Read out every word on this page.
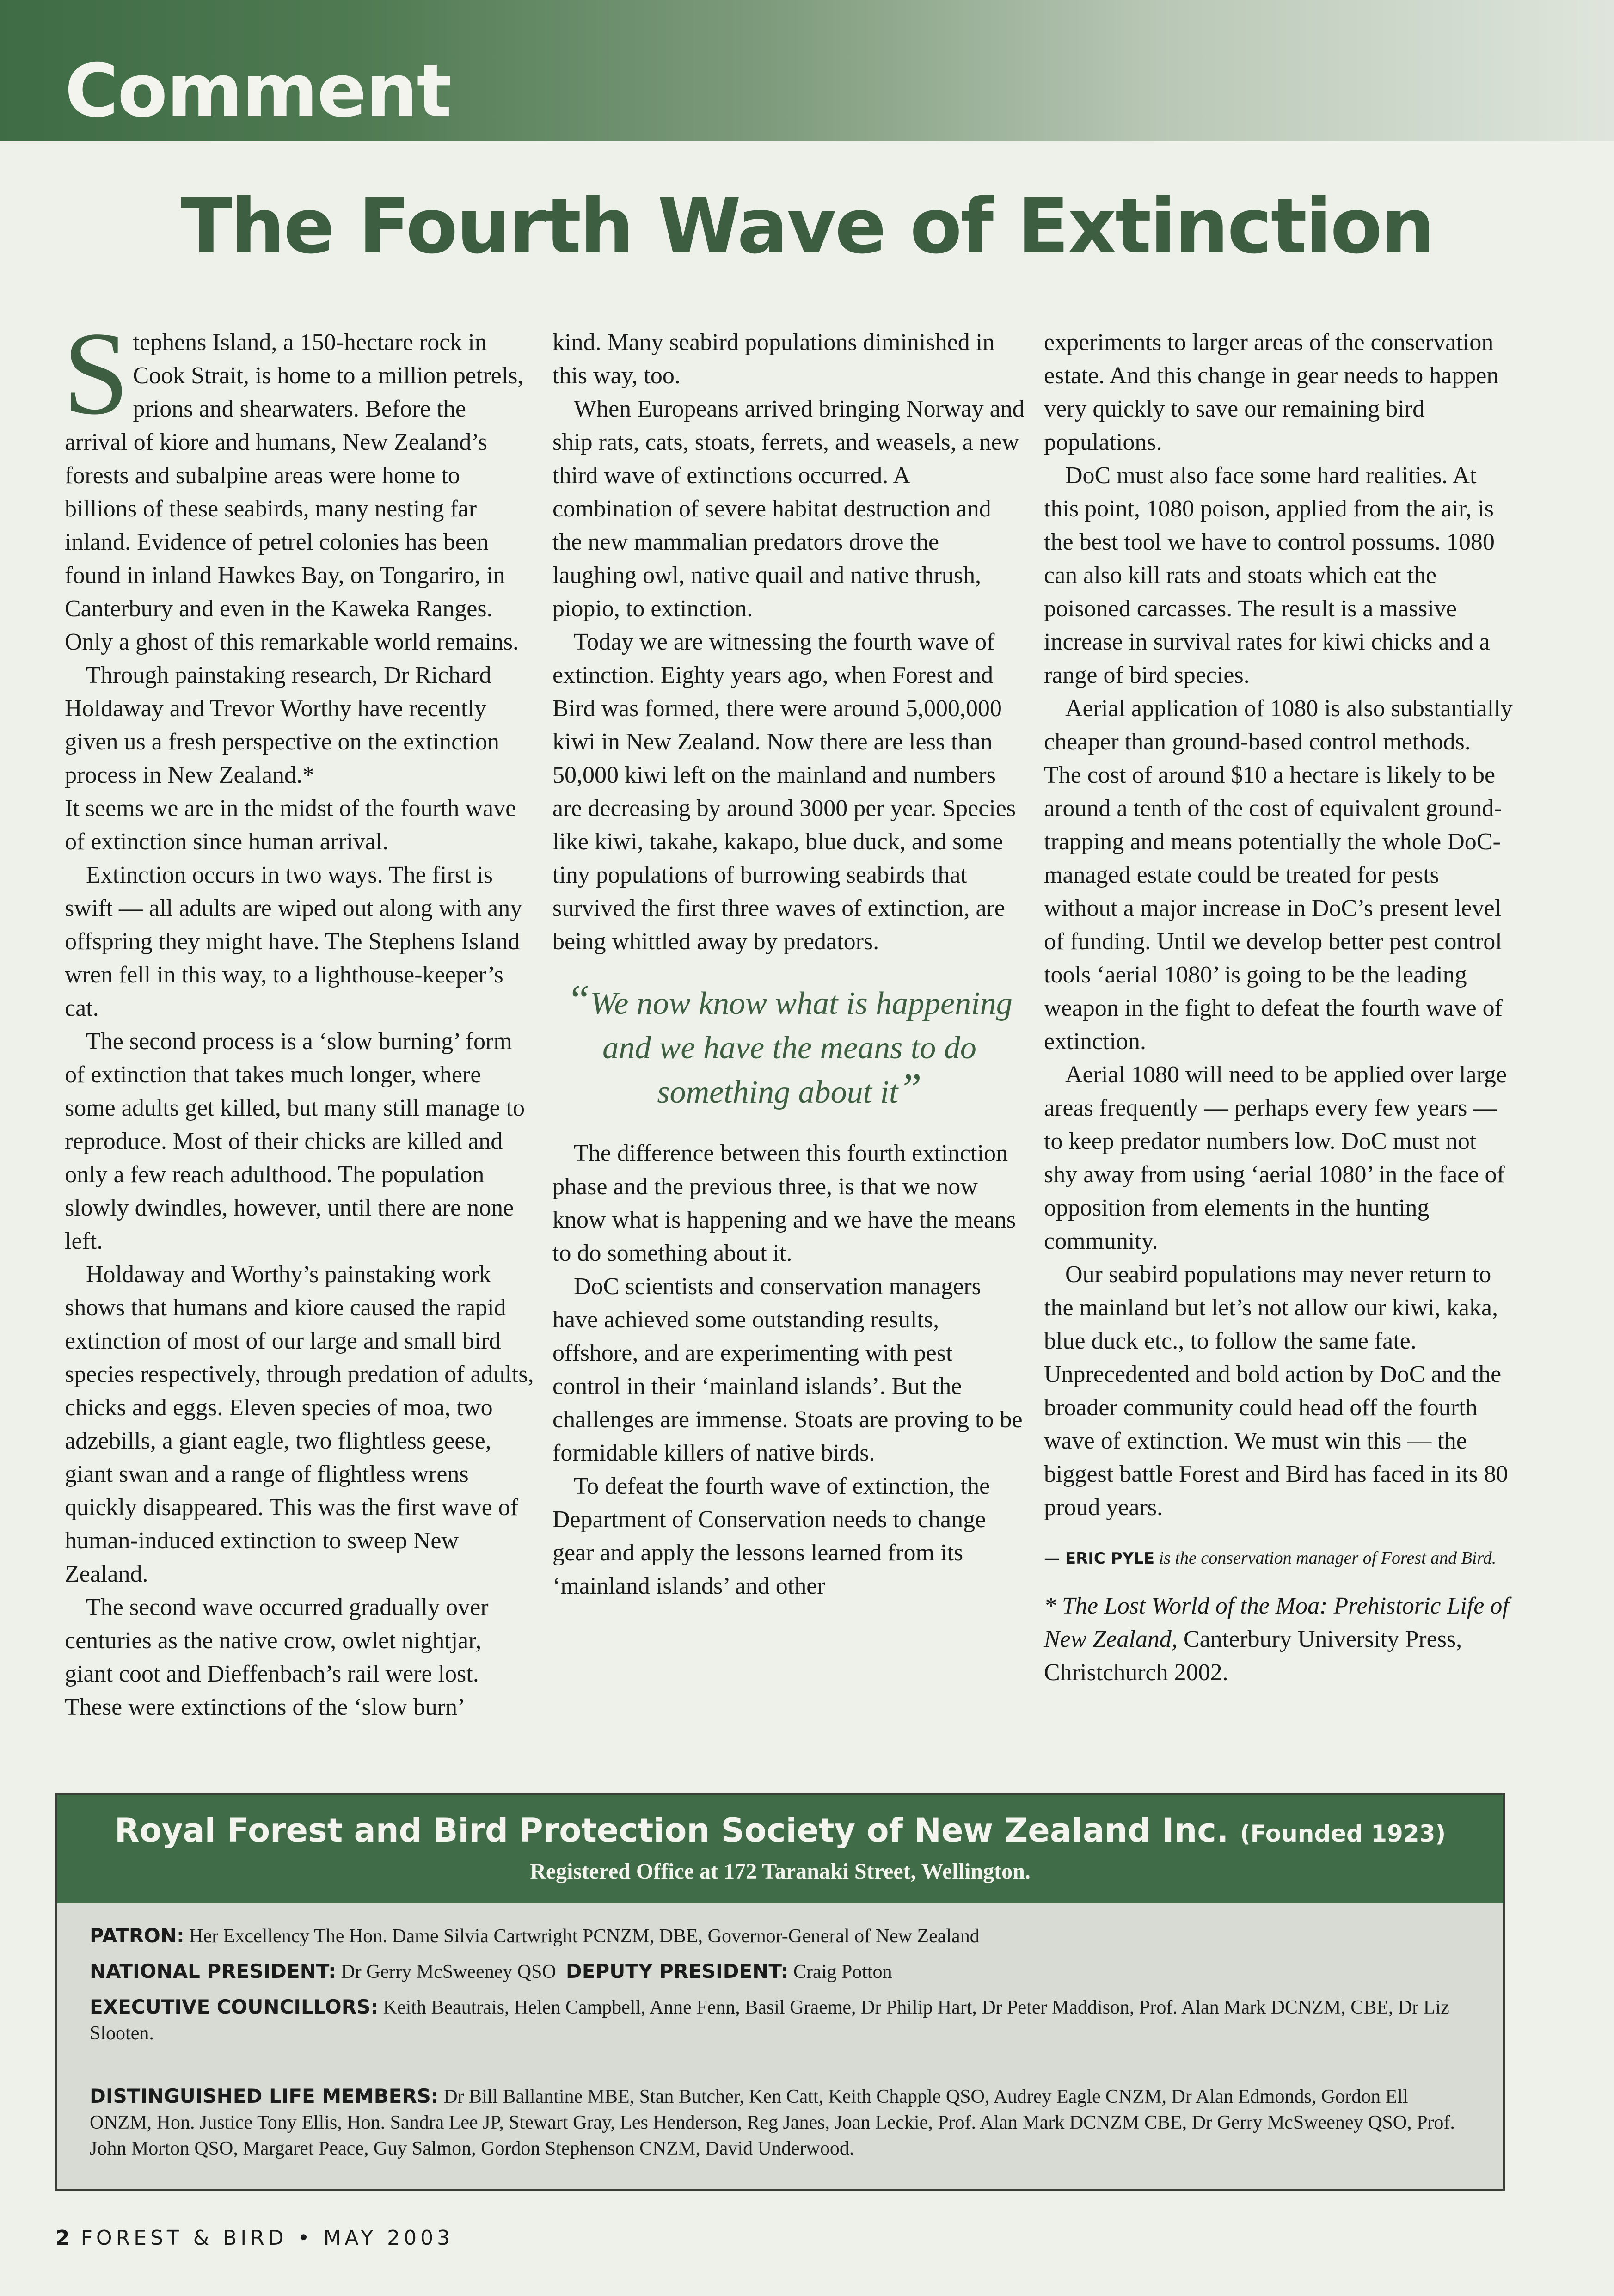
Comment
The Fourth Wave of Extinction

Stephens Island, a 150-hectare rock in Cook Strait, is home to a million petrels, prions and shearwaters. Before the arrival of kiore and humans, New Zealand’s forests and subalpine areas were home to billions of these seabirds, many nesting far inland. Evidence of petrel colonies has been found in inland Hawkes Bay, on Tongariro, in Canterbury and even in the Kaweka Ranges. Only a ghost of this remarkable world remains.

Through painstaking research, Dr Richard Holdaway and Trevor Worthy have recently given us a fresh perspective on the extinction process in New Zealand.*

It seems we are in the midst of the fourth wave of extinction since human arrival.

Extinction occurs in two ways. The first is swift — all adults are wiped out along with any offspring they might have. The Stephens Island wren fell in this way, to a lighthouse-keeper’s cat.

The second process is a ‘slow burning’ form of extinction that takes much longer, where some adults get killed, but many still manage to reproduce. Most of their chicks are killed and only a few reach adulthood. The population slowly dwindles, however, until there are none left.

Holdaway and Worthy’s painstaking work shows that humans and kiore caused the rapid extinction of most of our large and small bird species respectively, through predation of adults, chicks and eggs. Eleven species of moa, two adzebills, a giant eagle, two flightless geese, giant swan and a range of flightless wrens quickly disappeared. This was the first wave of human-induced extinction to sweep New Zealand.

The second wave occurred gradually over centuries as the native crow, owlet nightjar, giant coot and Dieffenbach’s rail were lost. These were extinctions of the ‘slow burn’

kind. Many seabird populations diminished in this way, too.

When Europeans arrived bringing Norway and ship rats, cats, stoats, ferrets, and weasels, a new third wave of extinctions occurred. A combination of severe habitat destruction and the new mammalian predators drove the laughing owl, native quail and native thrush, piopio, to extinction.

Today we are witnessing the fourth wave of extinction. Eighty years ago, when Forest and Bird was formed, there were around 5,000,000 kiwi in New Zealand. Now there are less than 50,000 kiwi left on the mainland and numbers are decreasing by around 3000 per year. Species like kiwi, takahe, kakapo, blue duck, and some tiny populations of burrowing seabirds that survived the first three waves of extinction, are being whittled away by predators.

“We now know what is happening and we have the means to do something about it”

The difference between this fourth extinction phase and the previous three, is that we now know what is happening and we have the means to do something about it.

DoC scientists and conservation managers have achieved some outstanding results, offshore, and are experimenting with pest control in their ‘mainland islands’. But the challenges are immense. Stoats are proving to be formidable killers of native birds.

To defeat the fourth wave of extinction, the Department of Conservation needs to change gear and apply the lessons learned from its ‘mainland islands’ and other

experiments to larger areas of the conservation estate. And this change in gear needs to happen very quickly to save our remaining bird populations.

DoC must also face some hard realities. At this point, 1080 poison, applied from the air, is the best tool we have to control possums. 1080 can also kill rats and stoats which eat the poisoned carcasses. The result is a massive increase in survival rates for kiwi chicks and a range of bird species.

Aerial application of 1080 is also substantially cheaper than ground-based control methods. The cost of around $10 a hectare is likely to be around a tenth of the cost of equivalent ground-trapping and means potentially the whole DoC-managed estate could be treated for pests without a major increase in DoC’s present level of funding. Until we develop better pest control tools ‘aerial 1080’ is going to be the leading weapon in the fight to defeat the fourth wave of extinction.

Aerial 1080 will need to be applied over large areas frequently — perhaps every few years — to keep predator numbers low. DoC must not shy away from using ‘aerial 1080’ in the face of opposition from elements in the hunting community.

Our seabird populations may never return to the mainland but let’s not allow our kiwi, kaka, blue duck etc., to follow the same fate. Unprecedented and bold action by DoC and the broader community could head off the fourth wave of extinction. We must win this — the biggest battle Forest and Bird has faced in its 80 proud years.

— ERIC PYLE is the conservation manager of Forest and Bird.

* The Lost World of the Moa: Prehistoric Life of New Zealand, Canterbury University Press, Christchurch 2002.

Royal Forest and Bird Protection Society of New Zealand Inc. (Founded 1923)
Registered Office at 172 Taranaki Street, Wellington.

PATRON: Her Excellency The Hon. Dame Silvia Cartwright PCNZM, DBE, Governor-General of New Zealand

NATIONAL PRESIDENT: Dr Gerry McSweeney QSO DEPUTY PRESIDENT: Craig Potton

EXECUTIVE COUNCILLORS: Keith Beautrais, Helen Campbell, Anne Fenn, Basil Graeme, Dr Philip Hart, Dr Peter Maddison, Prof. Alan Mark DCNZM, CBE, Dr Liz Slooten.

DISTINGUISHED LIFE MEMBERS: Dr Bill Ballantine MBE, Stan Butcher, Ken Catt, Keith Chapple QSO, Audrey Eagle CNZM, Dr Alan Edmonds, Gordon Ell ONZM, Hon. Justice Tony Ellis, Hon. Sandra Lee JP, Stewart Gray, Les Henderson, Reg Janes, Joan Leckie, Prof. Alan Mark DCNZM CBE, Dr Gerry McSweeney QSO, Prof. John Morton QSO, Margaret Peace, Guy Salmon, Gordon Stephenson CNZM, David Underwood.

2 FOREST & BIRD • MAY 2003
